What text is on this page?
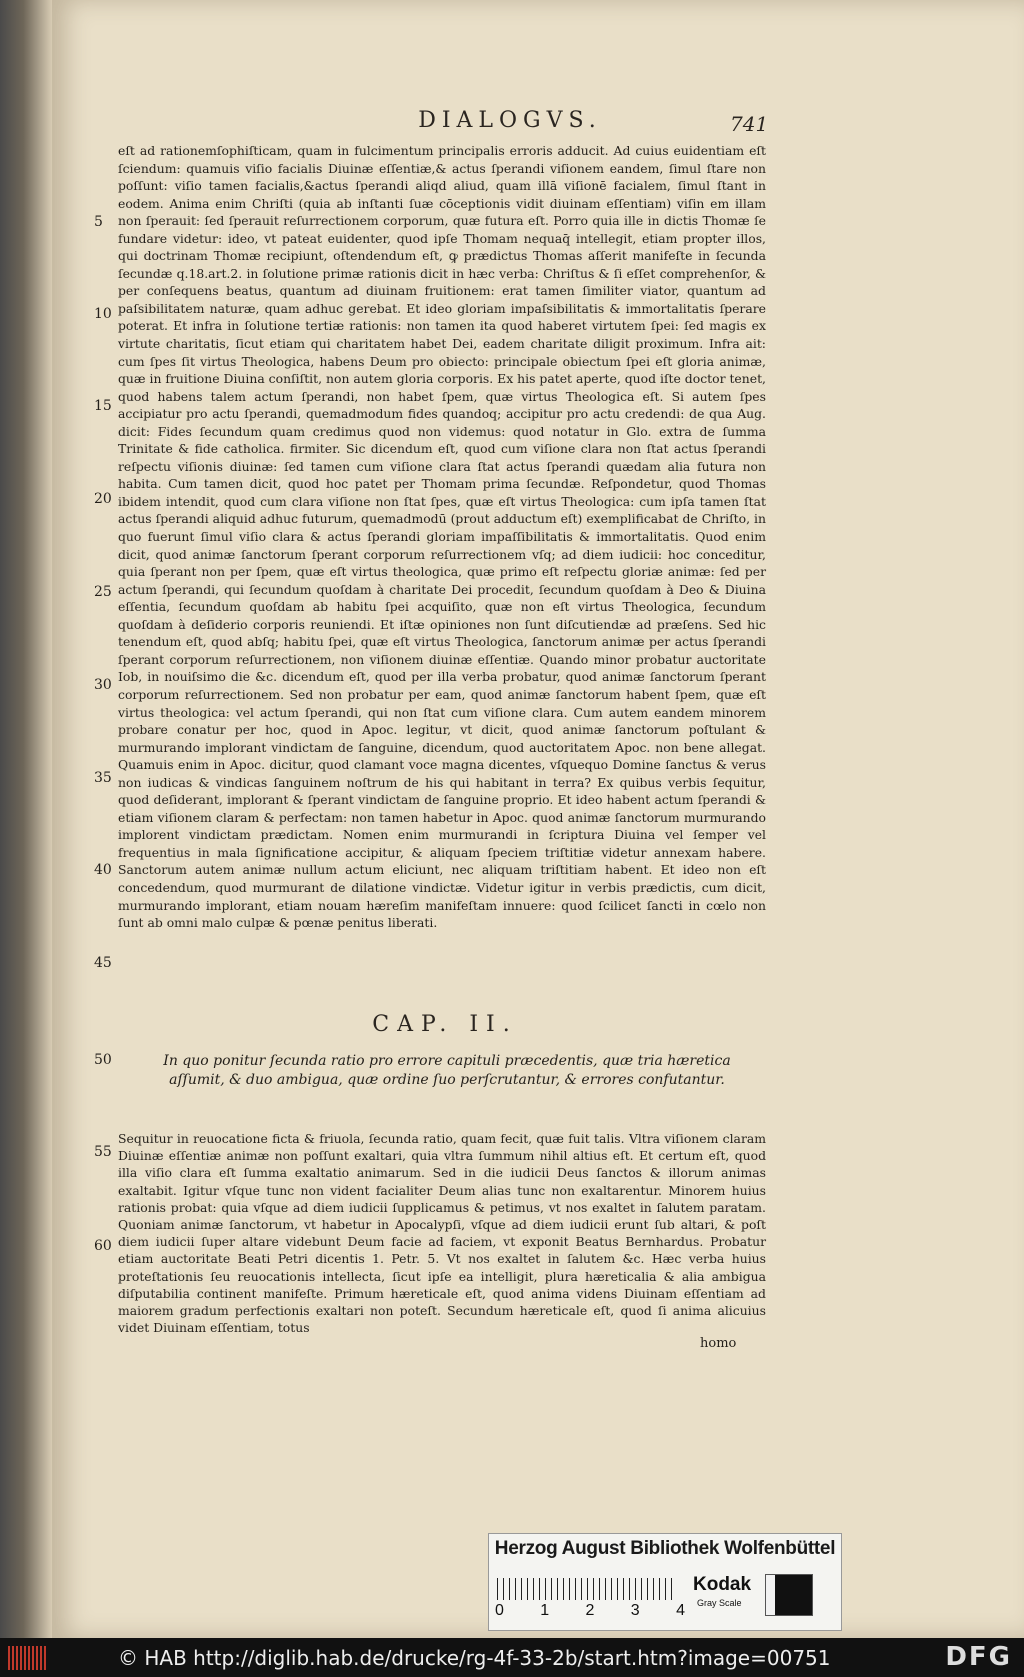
DIALOGVS.	741

eſt ad rationemſophiſticam, quam in fulcimentum principalis erroris adducit. Ad cuius euidentiam eſt ſciendum: quamuis viſio facialis Diuinæ eſſentiæ,& actus ſperandi viſionem eandem, ſimul ſtare non poſſunt: viſio tamen facialis,&actus ſperandi aliqd aliud, quam illā viſionē facialem, ſimul ſtant in eodem. Anima enim Chriſti (quia ab inſtanti ſuæ cōceptionis vidit diuinam eſſentiam) viſin em illam non ſperauit: ſed ſperauit reſurrectionem corporum, quæ futura eſt. Porro quia ille in dictis Thomæ ſe fundare videtur: ideo, vt pateat euidenter, quod ipſe Thomam nequaq̄ intellegit, etiam propter illos, qui doctrinam Thomæ recipiunt, oſtendendum eſt, ꝙ prædictus Thomas aſſerit manifeſte in ſecunda ſecundæ q.18.art.2. in ſolutione primæ rationis dicit in hæc verba: Chriſtus & ſi eſſet comprehenſor, & per conſequens beatus, quantum ad diuinam fruitionem: erat tamen ſimiliter viator, quantum ad paſsibilitatem naturæ, quam adhuc gerebat. Et ideo gloriam impaſsibilitatis & immortalitatis ſperare poterat. Et infra in ſolutione tertiæ rationis: non tamen ita quod haberet virtutem ſpei: ſed magis ex virtute charitatis, ſicut etiam qui charitatem habet Dei, eadem charitate diligit proximum. Infra ait: cum ſpes ſit virtus Theologica, habens Deum pro obiecto: principale obiectum ſpei eſt gloria animæ, quæ in fruitione Diuina conſiſtit, non autem gloria corporis. Ex his patet aperte, quod iſte doctor tenet, quod habens talem actum ſperandi, non habet ſpem, quæ virtus Theologica eſt. Si autem ſpes accipiatur pro actu ſperandi, quemadmodum fides quandoq; accipitur pro actu credendi: de qua Aug. dicit: Fides ſecundum quam credimus quod non videmus: quod notatur in Glo. extra de ſumma Trinitate & fide catholica. firmiter. Sic dicendum eſt, quod cum viſione clara non ſtat actus ſperandi reſpectu viſionis diuinæ: ſed tamen cum viſione clara ſtat actus ſperandi quædam alia futura non habita. Cum tamen dicit, quod hoc patet per Thomam prima ſecundæ. Reſpondetur, quod Thomas ibidem intendit, quod cum clara viſione non ſtat ſpes, quæ eſt virtus Theologica: cum ipſa tamen ſtat actus ſperandi aliquid adhuc futurum, quemadmodū (prout adductum eſt) exemplificabat de Chriſto, in quo fuerunt ſimul viſio clara & actus ſperandi gloriam impaſſibilitatis & immortalitatis. Quod enim dicit, quod animæ ſanctorum ſperant corporum reſurrectionem vſq; ad diem iudicii: hoc conceditur, quia ſperant non per ſpem, quæ eſt virtus theologica, quæ primo eſt reſpectu gloriæ animæ: ſed per actum ſperandi, qui ſecundum quoſdam à charitate Dei procedit, ſecundum quoſdam à Deo & Diuina eſſentia, ſecundum quoſdam ab habitu ſpei acquiſito, quæ non eſt virtus Theologica, ſecundum quoſdam à deſiderio corporis reuniendi. Et iſtæ opiniones non ſunt diſcutiendæ ad præſens. Sed hic tenendum eſt, quod abſq; habitu ſpei, quæ eſt virtus Theologica, ſanctorum animæ per actus ſperandi ſperant corporum reſurrectionem, non viſionem diuinæ eſſentiæ. Quando minor probatur auctoritate Iob, in nouiſsimo die &c. dicendum eſt, quod per illa verba probatur, quod animæ ſanctorum ſperant corporum reſurrectionem. Sed non probatur per eam, quod animæ ſanctorum habent ſpem, quæ eſt virtus theologica: vel actum ſperandi, qui non ſtat cum viſione clara. Cum autem eandem minorem probare conatur per hoc, quod in Apoc. legitur, vt dicit, quod animæ ſanctorum poſtulant & murmurando implorant vindictam de ſanguine, dicendum, quod auctoritatem Apoc. non bene allegat. Quamuis enim in Apoc. dicitur, quod clamant voce magna dicentes, vſquequo Domine ſanctus & verus non iudicas & vindicas ſanguinem noſtrum de his qui habitant in terra? Ex quibus verbis ſequitur, quod deſiderant, implorant & ſperant vindictam de ſanguine proprio. Et ideo habent actum ſperandi & etiam viſionem claram & perfectam: non tamen habetur in Apoc. quod animæ ſanctorum murmurando implorent vindictam prædictam. Nomen enim murmurandi in ſcriptura Diuina vel ſemper vel frequentius in mala ſignificatione accipitur, & aliquam ſpeciem triſtitiæ videtur annexam habere. Sanctorum autem animæ nullum actum eliciunt, nec aliquam triſtitiam habent. Et ideo non eſt concedendum, quod murmurant de dilatione vindictæ. Videtur igitur in verbis prædictis, cum dicit, murmurando implorant, etiam nouam hæreſim manifeſtam innuere: quod ſcilicet ſancti in cœlo non ſunt ab omni malo culpæ & pœnæ penitus liberati.

5
10
15
20
25
30
35
40
45
50
55
60
CAP. II.
In quo ponitur ſecunda ratio pro errore capituli præcedentis, quæ tria hæretica aſſumit, & duo ambigua, quæ ordine ſuo perſcrutantur, & errores confutantur.
Sequitur in reuocatione ficta & friuola, ſecunda ratio, quam fecit, quæ fuit talis. Vltra viſionem claram Diuinæ eſſentiæ animæ non poſſunt exaltari, quia vltra ſummum nihil altius eſt. Et certum eſt, quod illa viſio clara eſt ſumma exaltatio animarum. Sed in die iudicii Deus ſanctos & illorum animas exaltabit. Igitur vſque tunc non vident facialiter Deum alias tunc non exaltarentur. Minorem huius rationis probat: quia vſque ad diem iudicii ſupplicamus & petimus, vt nos exaltet in ſalutem paratam. Quoniam animæ ſanctorum, vt habetur in Apocalypſi, vſque ad diem iudicii erunt ſub altari, & poſt diem iudicii ſuper altare videbunt Deum facie ad faciem, vt exponit Beatus Bernhardus. Probatur etiam auctoritate Beati Petri dicentis 1. Petr. 5. Vt nos exaltet in ſalutem &c. Hæc verba huius proteſtationis ſeu reuocationis intellecta, ſicut ipſe ea intelligit, plura hæreticalia & alia ambigua diſputabilia continent manifeſte. Primum hæreticale eſt, quod anima videns Diuinam eſſentiam ad maiorem gradum perfectionis exaltari non poteſt. Secundum hæreticale eſt, quod ſi anima alicuius videt Diuinam eſſentiam, totus
homo
Herzog August Bibliothek Wolfenbüttel
0 1 2 3 4
Kodak
Gray Scale
© HAB http://diglib.hab.de/drucke/rg-4f-33-2b/start.htm?image=00751	DFG
